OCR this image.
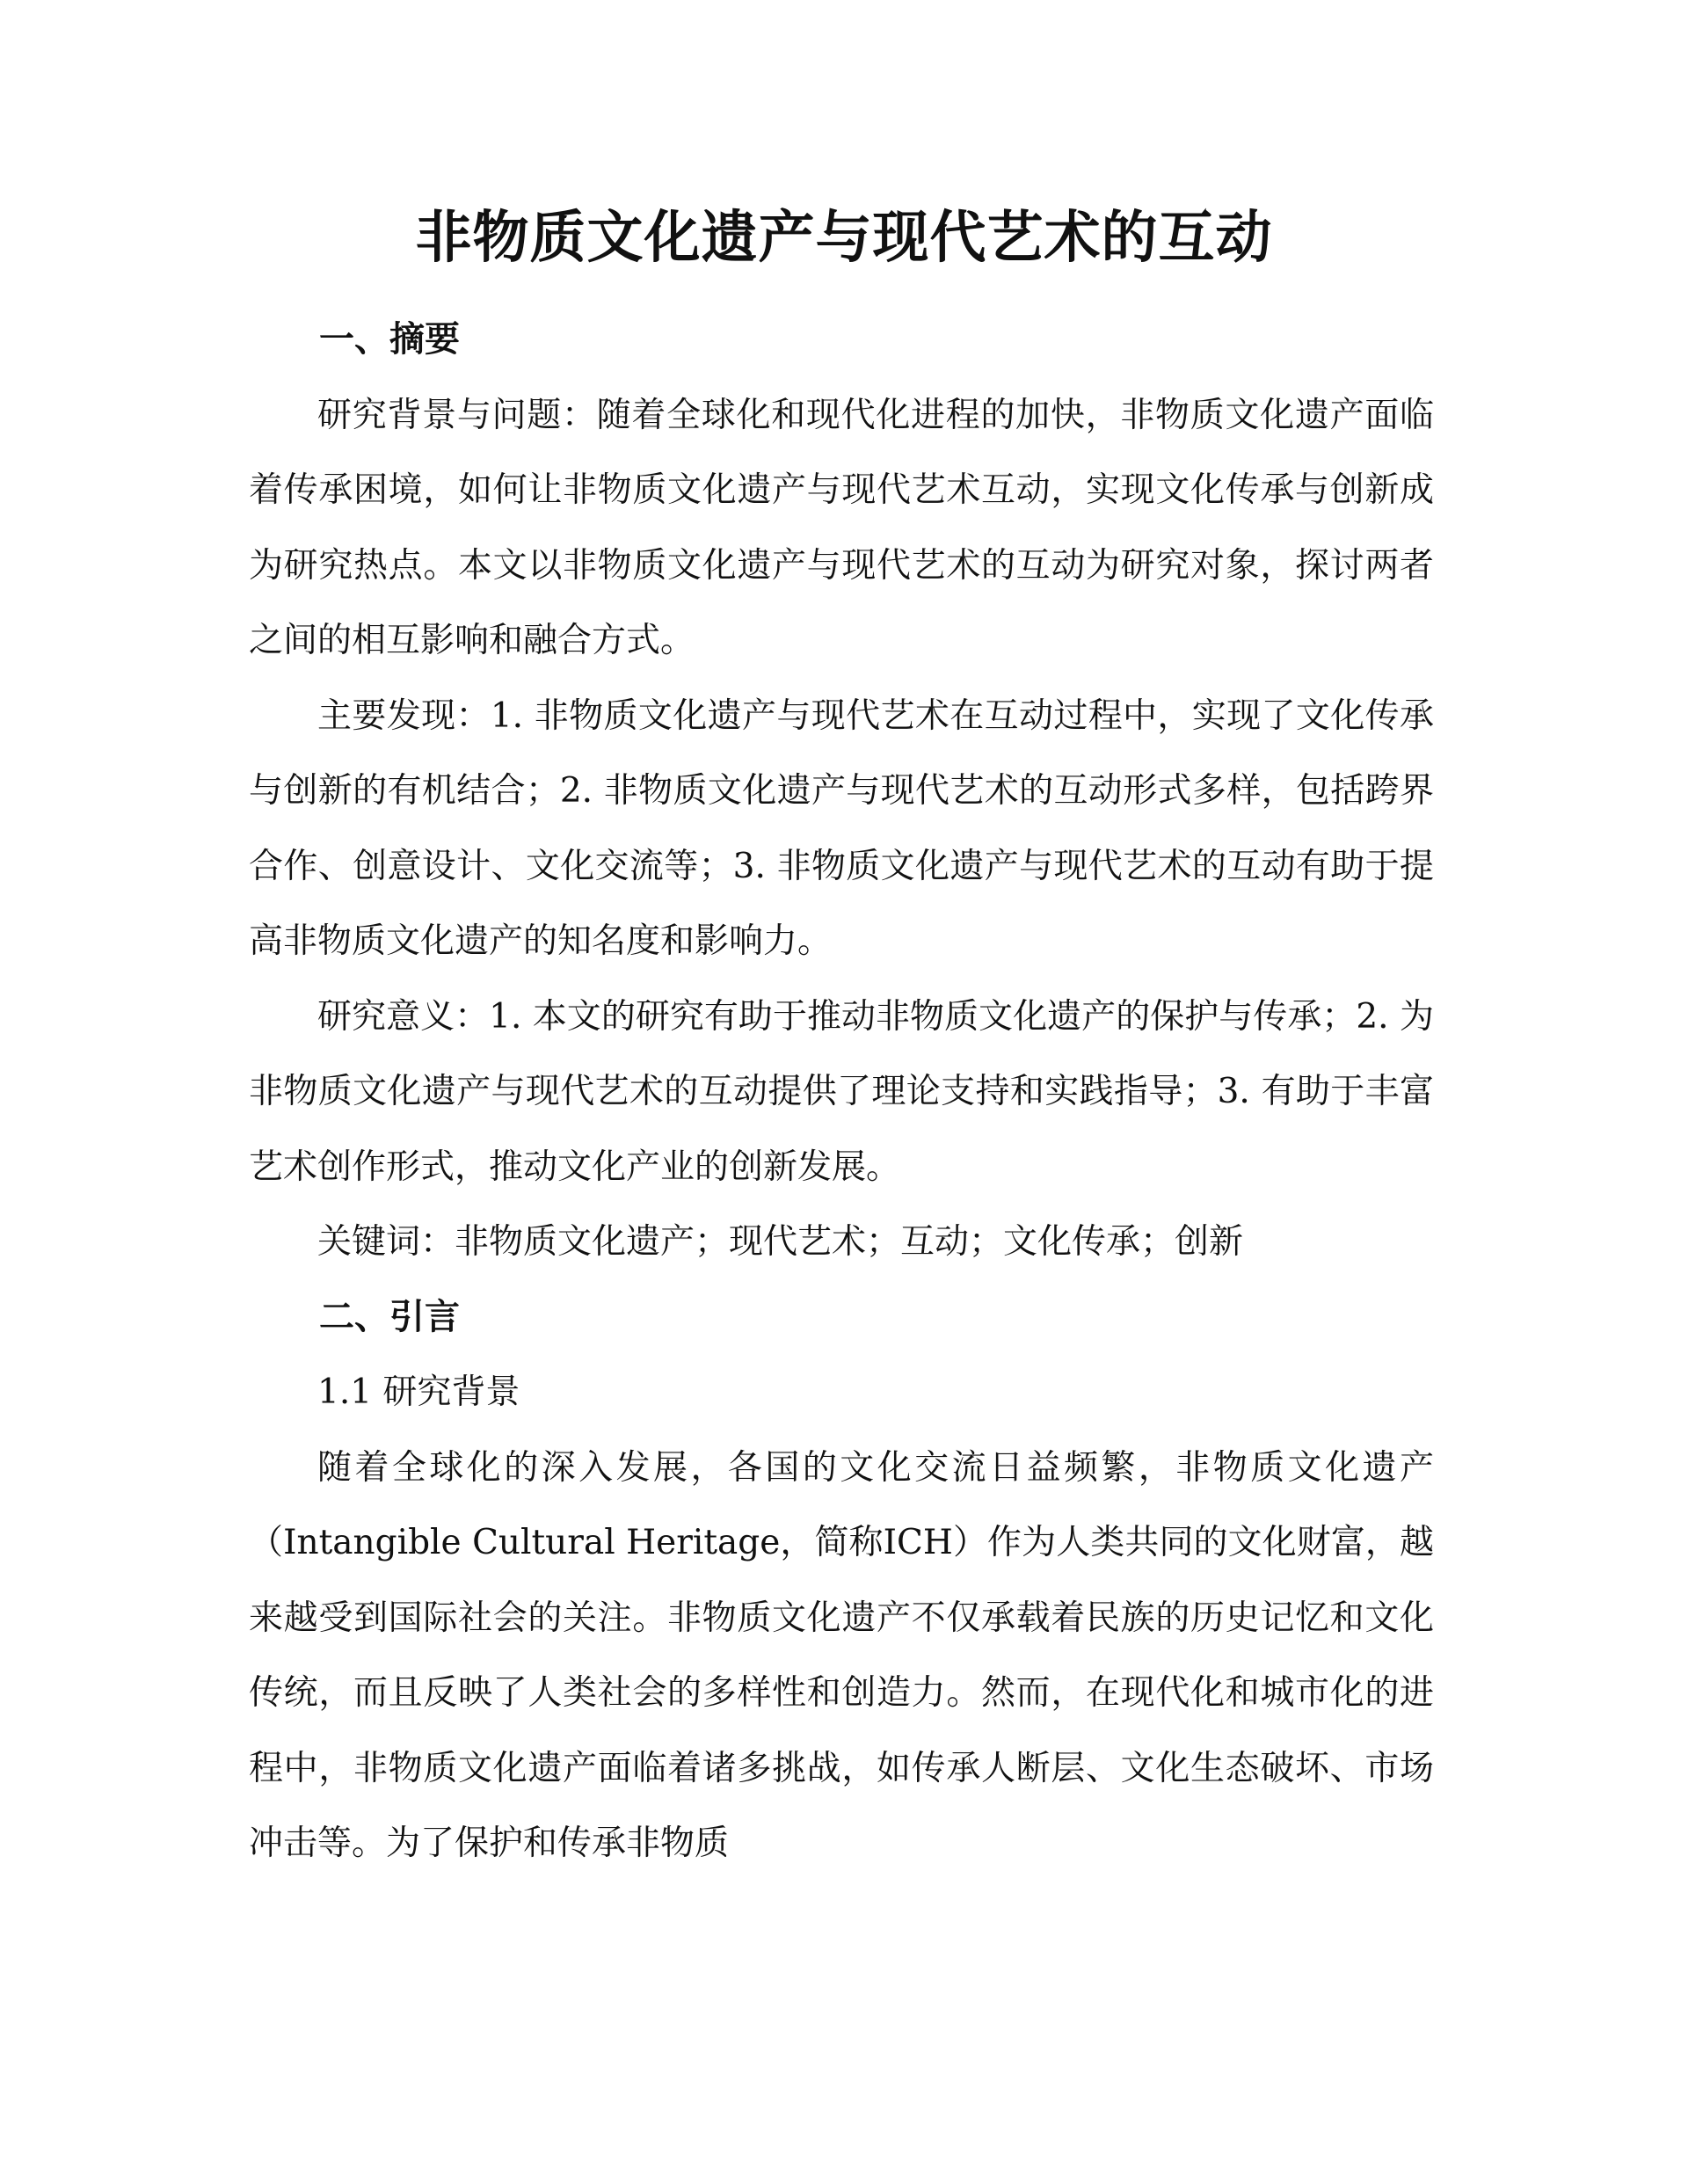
非物质文化遗产与现代艺术的互动
一、摘要

研究背景与问题：随着全球化和现代化进程的加快，非物质文化遗产面临着传承困境，如何让非物质文化遗产与现代艺术互动，实现文化传承与创新成为研究热点。本文以非物质文化遗产与现代艺术的互动为研究对象，探讨两者之间的相互影响和融合方式。

主要发现：1. 非物质文化遗产与现代艺术在互动过程中，实现了文化传承与创新的有机结合；2. 非物质文化遗产与现代艺术的互动形式多样，包括跨界合作、创意设计、文化交流等；3. 非物质文化遗产与现代艺术的互动有助于提高非物质文化遗产的知名度和影响力。

研究意义：1. 本文的研究有助于推动非物质文化遗产的保护与传承；2. 为非物质文化遗产与现代艺术的互动提供了理论支持和实践指导；3. 有助于丰富艺术创作形式，推动文化产业的创新发展。

关键词：非物质文化遗产；现代艺术；互动；文化传承；创新

二、引言

1.1 研究背景

随着全球化的深入发展，各国的文化交流日益频繁，非物质文化遗产（Intangible Cultural Heritage，简称ICH）作为人类共同的文化财富，越来越受到国际社会的关注。非物质文化遗产不仅承载着民族的历史记忆和文化传统，而且反映了人类社会的多样性和创造力。然而，在现代化和城市化的进程中，非物质文化遗产面临着诸多挑战，如传承人断层、文化生态破坏、市场冲击等。为了保护和传承非物质
